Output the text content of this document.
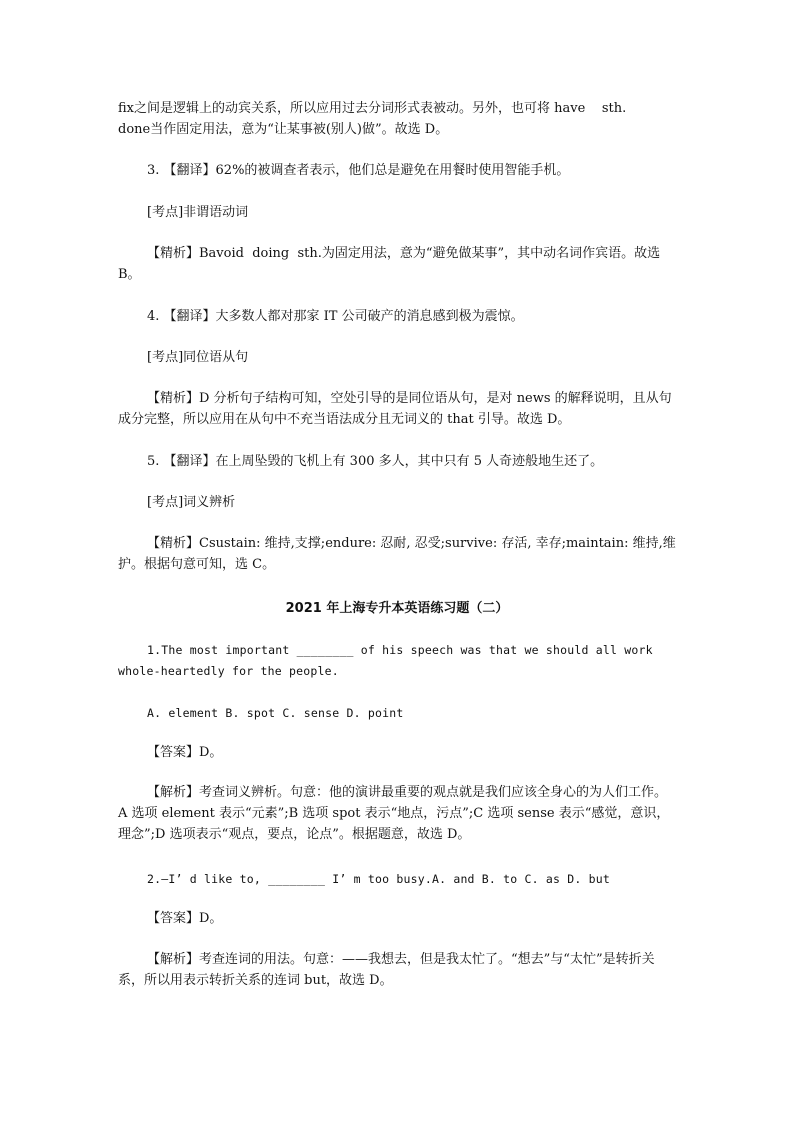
fix之间是逻辑上的动宾关系，所以应用过去分词形式表被动。另外，也可将 have    sth.
done当作固定用法，意为“让某事被(别人)做”。故选 D。
3. 【翻译】62%的被调查者表示，他们总是避免在用餐时使用智能手机。
[考点]非谓语动词
【精析】Bavoid  doing  sth.为固定用法，意为“避免做某事”，其中动名词作宾语。故选 B。
4. 【翻译】大多数人都对那家 IT 公司破产的消息感到极为震惊。
[考点]同位语从句
【精析】D 分析句子结构可知，空处引导的是同位语从句，是对 news 的解释说明，且从句成分完整，所以应用在从句中不充当语法成分且无词义的 that 引导。故选 D。
5. 【翻译】在上周坠毁的飞机上有 300 多人，其中只有 5 人奇迹般地生还了。
[考点]词义辨析
【精析】Csustain: 维持,支撑;endure: 忍耐, 忍受;survive: 存活, 幸存;maintain: 维持,维护。根据句意可知，选 C。
2021 年上海专升本英语练习题（二）
1.The most important ________ of his speech was that we should all work
whole-heartedly for the people.
A. element B. spot C. sense D. point
【答案】D。
【解析】考查词义辨析。句意：他的演讲最重要的观点就是我们应该全身心的为人们工作。A 选项 element 表示“元素”;B 选项 spot 表示“地点，污点”;C 选项 sense 表示“感觉，意识，理念”;D 选项表示“观点，要点，论点”。根据题意，故选 D。
2.—I’ d like to, ________ I’ m too busy.A. and B. to C. as D. but
【答案】D。
【解析】考查连词的用法。句意：——我想去，但是我太忙了。“想去”与“太忙”是转折关系，所以用表示转折关系的连词 but，故选 D。
